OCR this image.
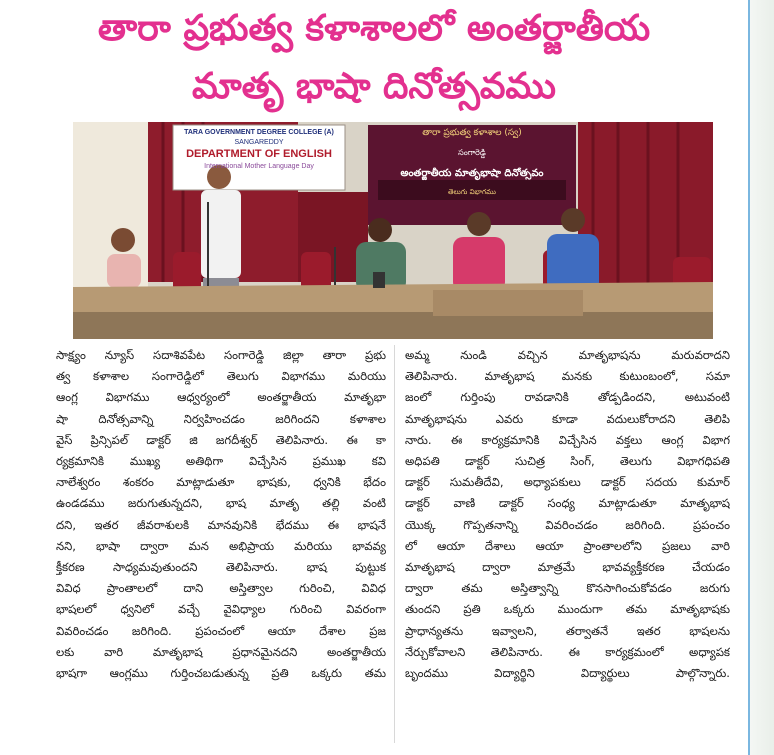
తారా ప్రభుత్వ కళాశాలలో అంతర్జాతీయ
మాతృ భాషా దినోత్సవము
TARA GOVERNMENT DEGREE COLLEGE (A)
SANGAREDDY
DEPARTMENT OF ENGLISH
International Mother Language Day
తారా ప్రభుత్వ కళాశాల (స్వ)
సంగారెడ్డి
అంతర్జాతీయ మాతృభాషా దినోత్సవం
తెలుగు విభాగము
సాక్ష్యం న్యూస్ సదాశివపేట సంగారెడ్డి జిల్లా తారా ప్రభు
త్వ కళాశాల సంగారెడ్డిలో తెలుగు విభాగము మరియు
ఆంగ్ల విభాగము ఆధ్వర్యంలో అంతర్జాతీయ మాతృభా
షా దినోత్సవాన్ని నిర్వహించడం జరిగిందని కళాశాల
వైస్ ప్రిన్సిపల్ డాక్టర్ జి జగదీశ్వర్ తెలిపినారు. ఈ కా
ర్యక్రమానికి ముఖ్య అతిథిగా విచ్చేసిన ప్రముఖ కవి
నాలేశ్వరం శంకరం మాట్లాడుతూ భాషకు, ధ్వనికి భేదం
ఉండడము జరుగుతున్నదని, భాష మాతృ తల్లి వంటి
దని, ఇతర జీవరాశులకి మానవునికి భేదము ఈ భాషనే
నని, భాషా ద్వారా మన అభిప్రాయ మరియు భావవ్య
క్తీకరణ సాధ్యమవుతుందని తెలిపినారు. భాష పుట్టుక
వివిధ ప్రాంతాలలో దాని అస్తిత్వాల గురించి, వివిధ
భాషలలో ధ్వనిలో వచ్చే వైవిధ్యాల గురించి వివరంగా
వివరించడం జరిగింది. ప్రపంచంలో ఆయా దేశాల ప్రజ
లకు వారి మాతృభాష ప్రధానమైనదని అంతర్జాతీయ
భాషగా ఆంగ్లము గుర్తించబడుతున్న ప్రతి ఒక్కరు తమ
అమ్మ నుండి వచ్చిన మాతృభాషను మరువరాదని
తెలిపినారు. మాతృభాష మనకు కుటుంబంలో, సమా
జంలో గుర్తింపు రావడానికి తోడ్పడిందని, అటువంటి
మాతృభాషను ఎవరు కూడా వదులుకోరాదని తెలిపి
నారు. ఈ కార్యక్రమానికి విచ్చేసిన వక్తలు ఆంగ్ల విభాగ
అధిపతి డాక్టర్ సుచిత్ర సింగ్, తెలుగు విభాగధిపతి
డాక్టర్ సుమతీదేవి, అధ్యాపకులు డాక్టర్ సదయ కుమార్
డాక్టర్ వాణి డాక్టర్ సంధ్య మాట్లాడుతూ మాతృభాష
యొక్క గొప్పతనాన్ని వివరించడం జరిగింది. ప్రపంచం
లో ఆయా దేశాలు ఆయా ప్రాంతాలలోని ప్రజలు వారి
మాతృభాష ద్వారా మాత్రమే భావవ్యక్తీకరణ చేయడం
ద్వారా తమ అస్తిత్వాన్ని కొనసాగించుకోవడం జరుగు
తుందని ప్రతి ఒక్కరు ముందుగా తమ మాతృభాషకు
ప్రాధాన్యతను ఇవ్వాలని, తర్వాతనే ఇతర భాషలను
నేర్చుకోవాలని తెలిపినారు. ఈ కార్యక్రమంలో అధ్యాపక
బృందము విద్యార్థిని విద్యార్థులు పాల్గొన్నారు.
